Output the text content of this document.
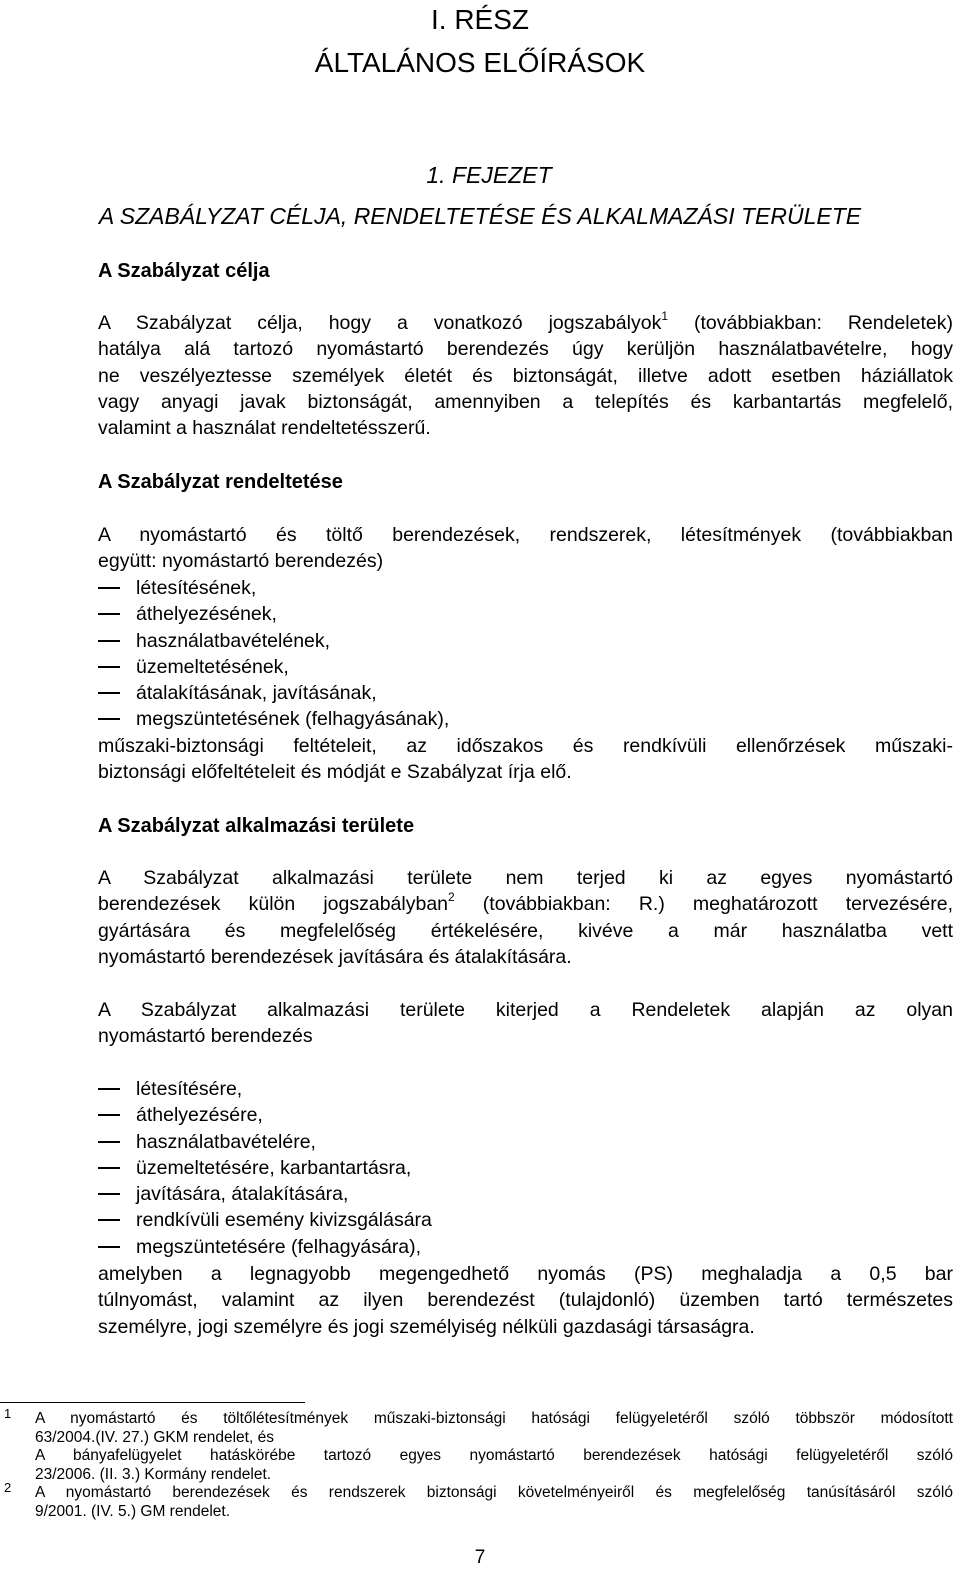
I. RÉSZ
ÁLTALÁNOS ELŐÍRÁSOK
1. FEJEZET
A SZABÁLYZAT CÉLJA, RENDELTETÉSE ÉS ALKALMAZÁSI TERÜLETE
A Szabályzat célja
A Szabályzat célja, hogy a vonatkozó jogszabályok$^1$ (továbbiakban: Rendeletek)
hatálya alá tartozó nyomástartó berendezés úgy kerüljön használatbavételre, hogy
ne veszélyeztesse személyek életét és biztonságát, illetve adott esetben háziállatok
vagy anyagi javak biztonságát, amennyiben a telepítés és karbantartás megfelelő,
valamint a használat rendeltetésszerű.
A Szabályzat rendeltetése
A nyomástartó és töltő berendezések, rendszerek, létesítmények (továbbiakban
együtt: nyomástartó berendezés)
létesítésének,
áthelyezésének,
használatbavételének,
üzemeltetésének,
átalakításának, javításának,
megszüntetésének (felhagyásának),
műszaki-biztonsági feltételeit, az időszakos és rendkívüli ellenőrzések műszaki-
biztonsági előfeltételeit és módját e Szabályzat írja elő.
A Szabályzat alkalmazási területe
A Szabályzat alkalmazási területe nem terjed ki az egyes nyomástartó
berendezések külön jogszabályban$^2$ (továbbiakban: R.) meghatározott tervezésére,
gyártására és megfelelőség értékelésére, kivéve a már használatba vett
nyomástartó berendezések javítására és átalakítására.
A Szabályzat alkalmazási területe kiterjed a Rendeletek alapján az olyan
nyomástartó berendezés
létesítésére,
áthelyezésére,
használatbavételére,
üzemeltetésére, karbantartásra,
javítására, átalakítására,
rendkívüli esemény kivizsgálására
megszüntetésére (felhagyására),
amelyben a legnagyobb megengedhető nyomás (PS) meghaladja a 0,5 bar
túlnyomást, valamint az ilyen berendezést (tulajdonló) üzemben tartó természetes
személyre, jogi személyre és jogi személyiség nélküli gazdasági társaságra.
1 A nyomástartó és töltőlétesítmények műszaki-biztonsági hatósági felügyeletéről szóló többször módosított
63/2004.(IV. 27.) GKM rendelet, és
A bányafelügyelet hatáskörébe tartozó egyes nyomástartó berendezések hatósági felügyeletéről szóló
23/2006. (II. 3.) Kormány rendelet.
2 A nyomástartó berendezések és rendszerek biztonsági követelményeiről és megfelelőség tanúsításáról szóló
9/2001. (IV. 5.) GM rendelet.
7
